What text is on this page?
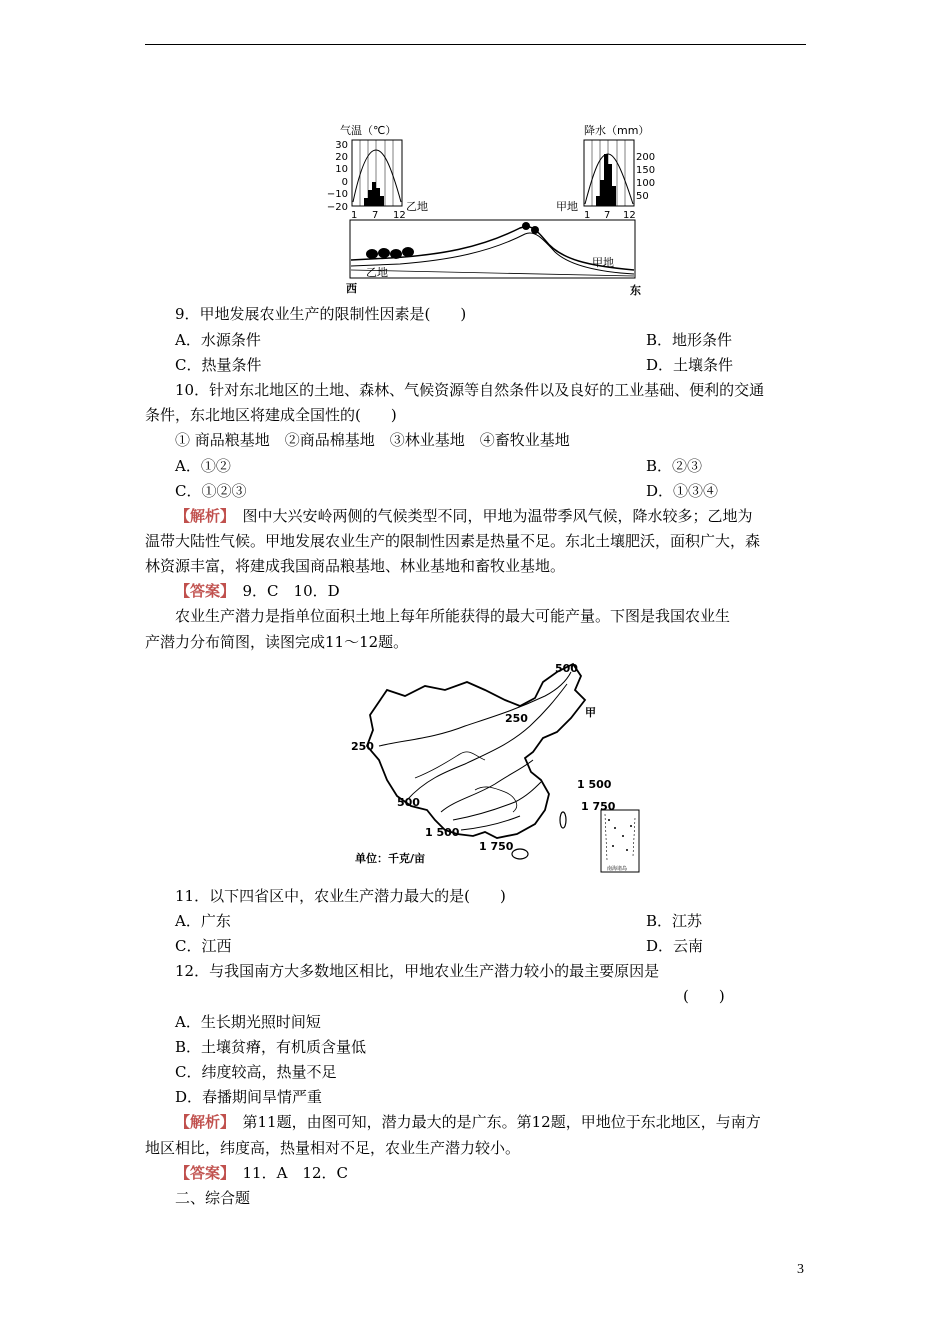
气温（℃）
30
20
10
0
−10
−20
1 7 12
乙地
降水（mm）
200
150
100
50
1 7 12
甲地
乙地
甲地
西	东
9．甲地发展农业生产的限制性因素是(　　)
A．水源条件	B．地形条件
C．热量条件	D．土壤条件
10．针对东北地区的土地、森林、气候资源等自然条件以及良好的工业基础、便利的交通
条件，东北地区将建成全国性的(　　)
① 商品粮基地　②商品棉基地　③林业基地　④畜牧业基地
A．①②	B．②③
C．①②③	D．①③④
【解析】　图中大兴安岭两侧的气候类型不同，甲地为温带季风气候，降水较多；乙地为
温带大陆性气候。甲地发展农业生产的限制性因素是热量不足。东北土壤肥沃，面积广大，森
林资源丰富，将建成我国商品粮基地、林业基地和畜牧业基地。
【答案】　9．C　10．D
农业生产潜力是指单位面积土地上每年所能获得的最大可能产量。下图是我国农业生
产潜力分布简图，读图完成11～12题。
南海诸岛
500
250	甲
250
1 500
1 750
500
1 500
1 750
单位：千克/亩
11．以下四省区中，农业生产潜力最大的是(　　)
A．广东	B．江苏
C．江西	D．云南
12．与我国南方大多数地区相比，甲地农业生产潜力较小的最主要原因是
(　　)
A．生长期光照时间短
B．土壤贫瘠，有机质含量低
C．纬度较高，热量不足
D．春播期间旱情严重
【解析】　第11题，由图可知，潜力最大的是广东。第12题，甲地位于东北地区，与南方
地区相比，纬度高，热量相对不足，农业生产潜力较小。
【答案】　11．A　12．C
二、综合题
3
